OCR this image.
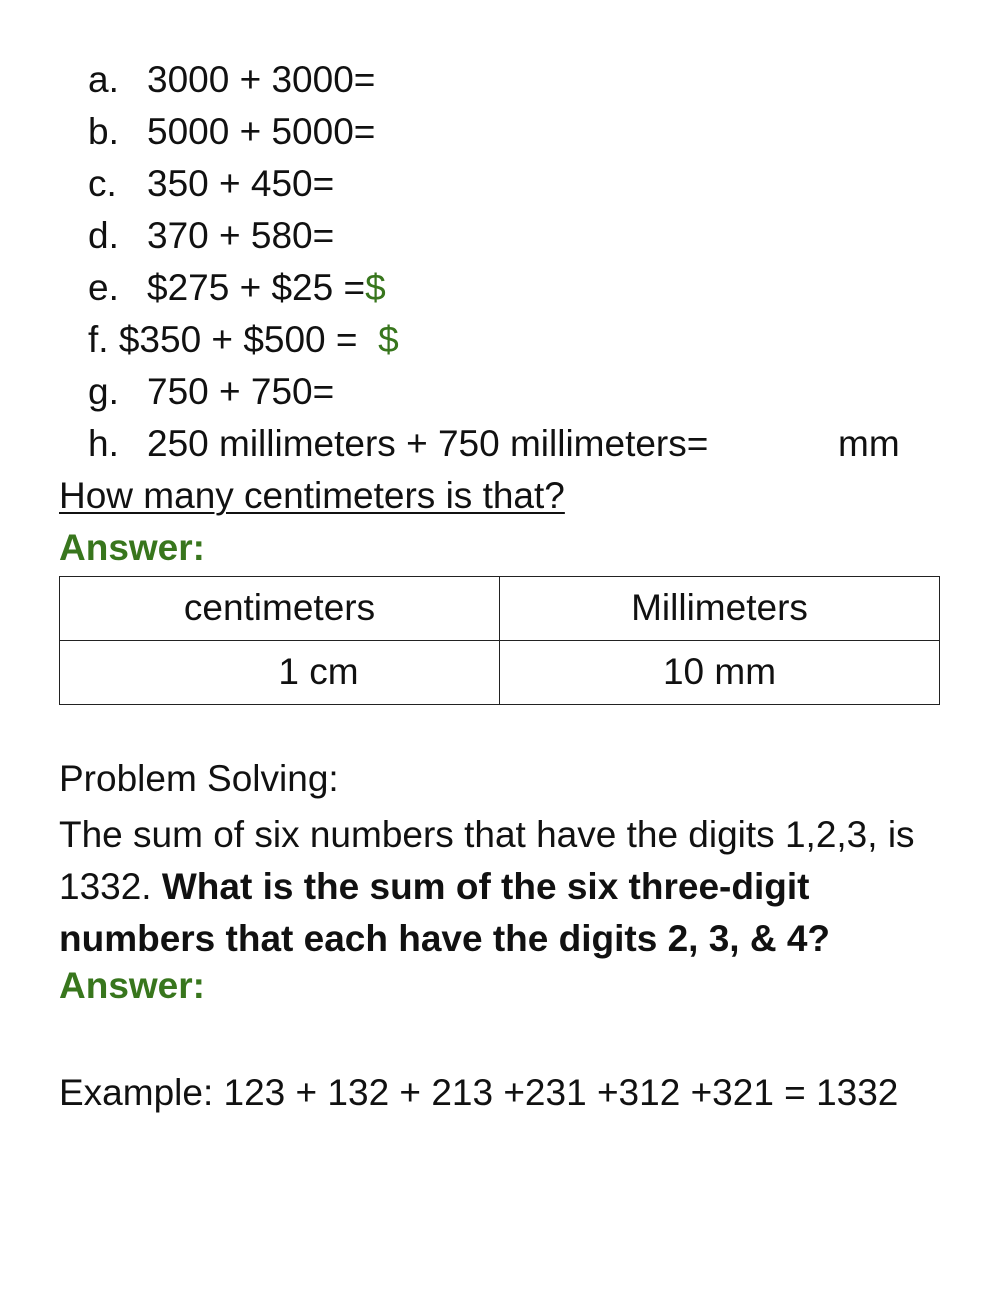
a. 3000 + 3000=
b. 5000 + 5000=
c. 350 + 450=
d. 370 + 580=
e. $275 + $25 =$
f. $350 + $500 =  $
g. 750 + 750=
h. 250 millimeters + 750 millimeters=	mm
How many centimeters is that?
Answer:
centimeters	Millimeters
1 cm	10 mm
Problem Solving:
The sum of six numbers that have the digits 1,2,3, is 1332. What is the sum of the six three-digit numbers that each have the digits 2, 3, & 4?
Answer:
Example: 123 + 132 + 213 +231 +312 +321 = 1332
